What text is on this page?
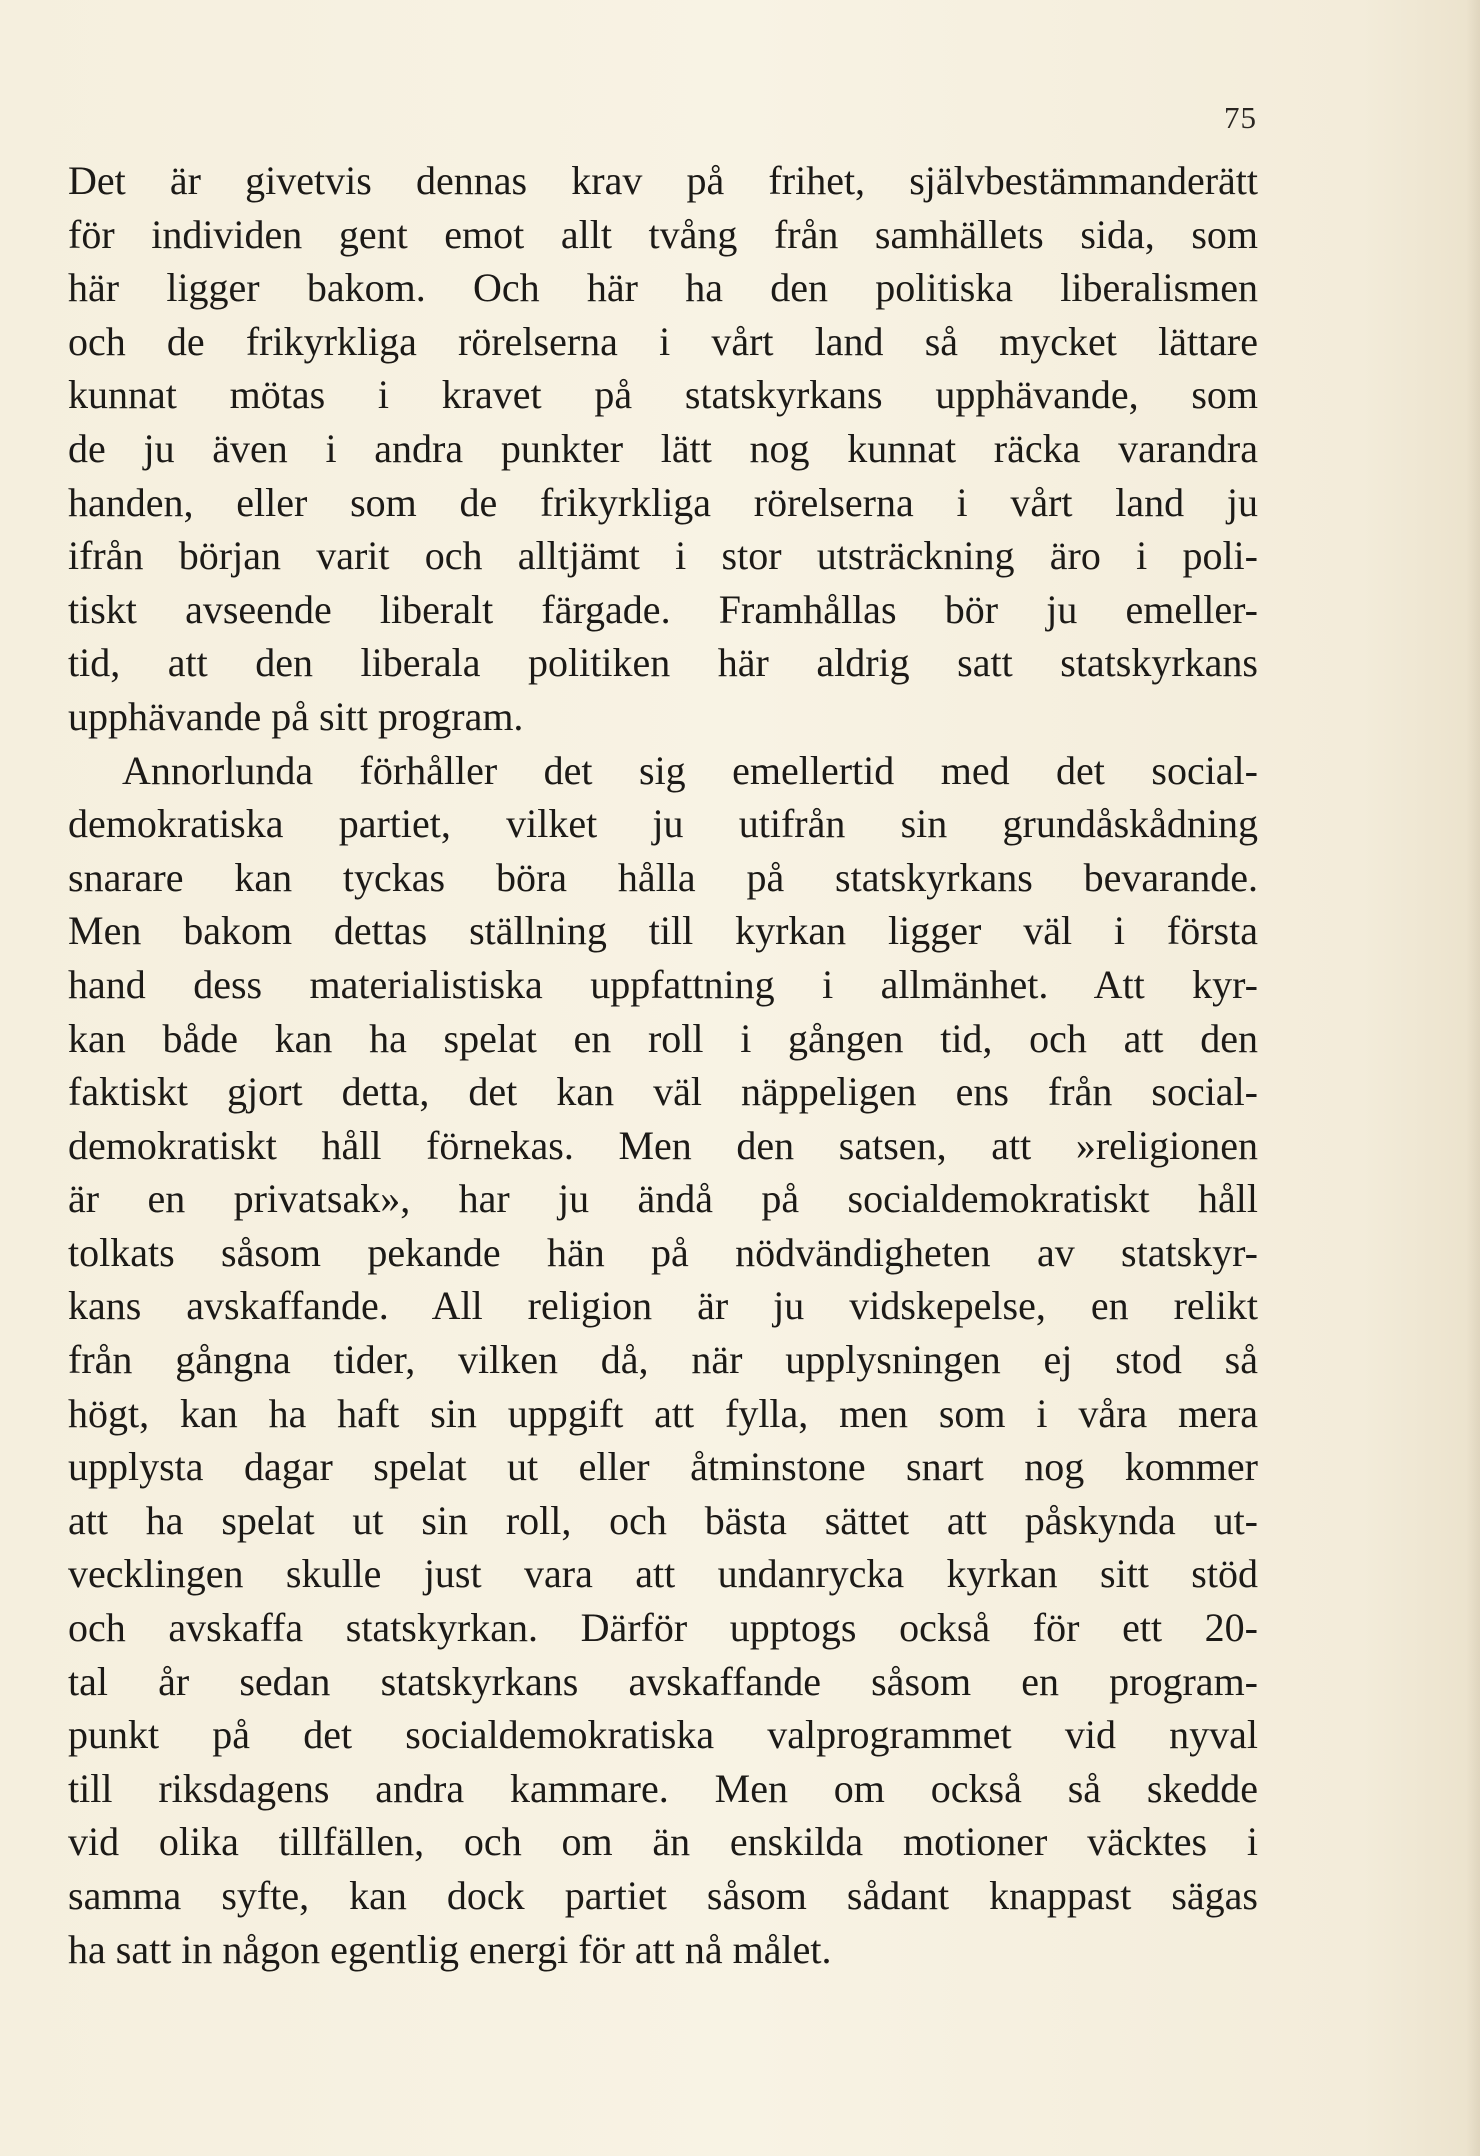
75
Det är givetvis dennas krav på frihet, självbestämmanderätt
för individen gent emot allt tvång från samhällets sida, som
här ligger bakom. Och här ha den politiska liberalismen
och de frikyrkliga rörelserna i vårt land så mycket lättare
kunnat mötas i kravet på statskyrkans upphävande, som
de ju även i andra punkter lätt nog kunnat räcka varandra
handen, eller som de frikyrkliga rörelserna i vårt land ju
ifrån början varit och alltjämt i stor utsträckning äro i poli-
tiskt avseende liberalt färgade. Framhållas bör ju emeller-
tid, att den liberala politiken här aldrig satt statskyrkans
upphävande på sitt program.
Annorlunda förhåller det sig emellertid med det social-
demokratiska partiet, vilket ju utifrån sin grundåskådning
snarare kan tyckas böra hålla på statskyrkans bevarande.
Men bakom dettas ställning till kyrkan ligger väl i första
hand dess materialistiska uppfattning i allmänhet. Att kyr-
kan både kan ha spelat en roll i gången tid, och att den
faktiskt gjort detta, det kan väl näppeligen ens från social-
demokratiskt håll förnekas. Men den satsen, att »religionen
är en privatsak», har ju ändå på socialdemokratiskt håll
tolkats såsom pekande hän på nödvändigheten av statskyr-
kans avskaffande. All religion är ju vidskepelse, en relikt
från gångna tider, vilken då, när upplysningen ej stod så
högt, kan ha haft sin uppgift att fylla, men som i våra mera
upplysta dagar spelat ut eller åtminstone snart nog kommer
att ha spelat ut sin roll, och bästa sättet att påskynda ut-
vecklingen skulle just vara att undanrycka kyrkan sitt stöd
och avskaffa statskyrkan. Därför upptogs också för ett 20-
tal år sedan statskyrkans avskaffande såsom en program-
punkt på det socialdemokratiska valprogrammet vid nyval
till riksdagens andra kammare. Men om också så skedde
vid olika tillfällen, och om än enskilda motioner väcktes i
samma syfte, kan dock partiet såsom sådant knappast sägas
ha satt in någon egentlig energi för att nå målet.
